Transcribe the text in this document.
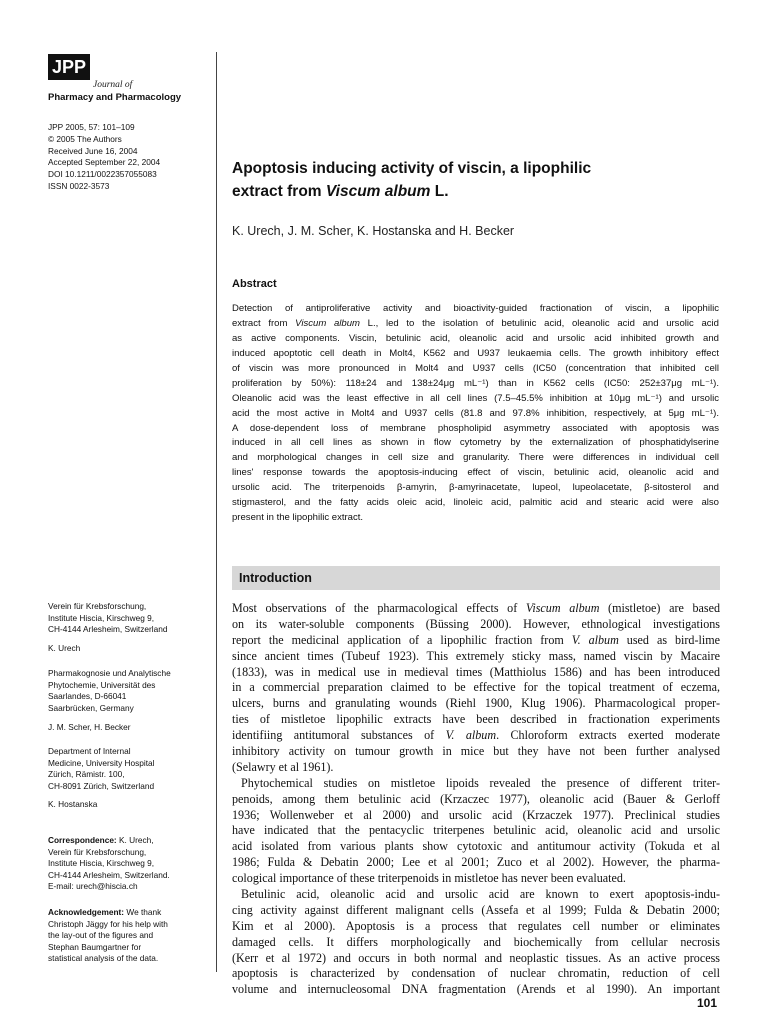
JPP
Journal of
Pharmacy and Pharmacology
JPP 2005, 57: 101–109
© 2005 The Authors
Received June 16, 2004
Accepted September 22, 2004
DOI 10.1211/0022357055083
ISSN 0022-3573
Apoptosis inducing activity of viscin, a lipophilic
extract from Viscum album L.
K. Urech, J. M. Scher, K. Hostanska and H. Becker
Abstract
Detection of antiproliferative activity and bioactivity-guided fractionation of viscin, a lipophilic
extract from Viscum album L., led to the isolation of betulinic acid, oleanolic acid and ursolic acid
as active components. Viscin, betulinic acid, oleanolic acid and ursolic acid inhibited growth and
induced apoptotic cell death in Molt4, K562 and U937 leukaemia cells. The growth inhibitory effect
of viscin was more pronounced in Molt4 and U937 cells (IC50 (concentration that inhibited cell
proliferation by 50%): 118±24 and 138±24μg mL⁻¹) than in K562 cells (IC50: 252±37μg mL⁻¹).
Oleanolic acid was the least effective in all cell lines (7.5–45.5% inhibition at 10μg mL⁻¹) and ursolic
acid the most active in Molt4 and U937 cells (81.8 and 97.8% inhibition, respectively, at 5μg mL⁻¹).
A dose-dependent loss of membrane phospholipid asymmetry associated with apoptosis was
induced in all cell lines as shown in flow cytometry by the externalization of phosphatidylserine
and morphological changes in cell size and granularity. There were differences in individual cell
lines' response towards the apoptosis-inducing effect of viscin, betulinic acid, oleanolic acid and
ursolic acid. The triterpenoids β-amyrin, β-amyrinacetate, lupeol, lupeolacetate, β-sitosterol and
stigmasterol, and the fatty acids oleic acid, linoleic acid, palmitic acid and stearic acid were also
present in the lipophilic extract.
Introduction
Most observations of the pharmacological effects of Viscum album (mistletoe) are based
on its water-soluble components (Büssing 2000). However, ethnological investigations
report the medicinal application of a lipophilic fraction from V. album used as bird-lime
since ancient times (Tubeuf 1923). This extremely sticky mass, named viscin by Macaire
(1833), was in medical use in medieval times (Matthiolus 1586) and has been introduced
in a commercial preparation claimed to be effective for the topical treatment of eczema,
ulcers, burns and granulating wounds (Riehl 1900, Klug 1906). Pharmacological proper-
ties of mistletoe lipophilic extracts have been described in fractionation experiments
identifiing antitumoral substances of V. album. Chloroform extracts exerted moderate
inhibitory activity on tumour growth in mice but they have not been further analysed
(Selawry et al 1961).
Phytochemical studies on mistletoe lipoids revealed the presence of different triter-
penoids, among them betulinic acid (Krzaczec 1977), oleanolic acid (Bauer & Gerloff
1936; Wollenweber et al 2000) and ursolic acid (Krzaczek 1977). Preclinical studies
have indicated that the pentacyclic triterpenes betulinic acid, oleanolic acid and ursolic
acid isolated from various plants show cytotoxic and antitumour activity (Tokuda et al
1986; Fulda & Debatin 2000; Lee et al 2001; Zuco et al 2002). However, the pharma-
cological importance of these triterpenoids in mistletoe has never been evaluated.
Betulinic acid, oleanolic acid and ursolic acid are known to exert apoptosis-indu-
cing activity against different malignant cells (Assefa et al 1999; Fulda & Debatin 2000;
Kim et al 2000). Apoptosis is a process that regulates cell number or eliminates
damaged cells. It differs morphologically and biochemically from cellular necrosis
(Kerr et al 1972) and occurs in both normal and neoplastic tissues. As an active process
apoptosis is characterized by condensation of nuclear chromatin, reduction of cell
volume and internucleosomal DNA fragmentation (Arends et al 1990). An important
Verein für Krebsforschung,
Institute Hiscia, Kirschweg 9,
CH-4144 Arlesheim, Switzerland
K. Urech
Pharmakognosie und Analytische
Phytochemie, Universität des
Saarlandes, D-66041
Saarbrücken, Germany
J. M. Scher, H. Becker
Department of Internal
Medicine, University Hospital
Zürich, Rämistr. 100,
CH-8091 Zürich, Switzerland
K. Hostanska
Correspondence: K. Urech,
Verein für Krebsforschung,
Institute Hiscia, Kirschweg 9,
CH-4144 Arlesheim, Switzerland.
E-mail: urech@hiscia.ch
Acknowledgement: We thank
Christoph Jäggy for his help with
the lay-out of the figures and
Stephan Baumgartner for
statistical analysis of the data.
101
